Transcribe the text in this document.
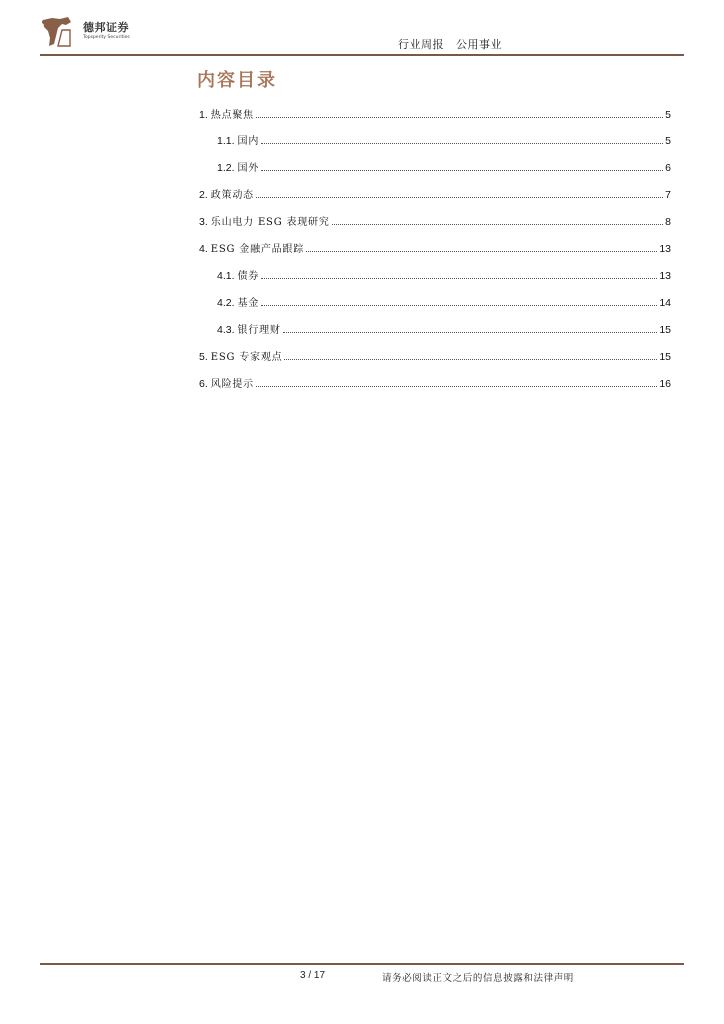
德邦证券
Topsperity Securities
行业周报 公用事业
内容目录
1. 热点聚焦	5
1.1. 国内	5
1.2. 国外	6
2. 政策动态	7
3. 乐山电力 ESG 表现研究	8
4. ESG 金融产品跟踪	13
4.1. 债券	13
4.2. 基金	14
4.3. 银行理财	15
5. ESG 专家观点	15
6. 风险提示	16
3 / 17	请务必阅读正文之后的信息披露和法律声明
